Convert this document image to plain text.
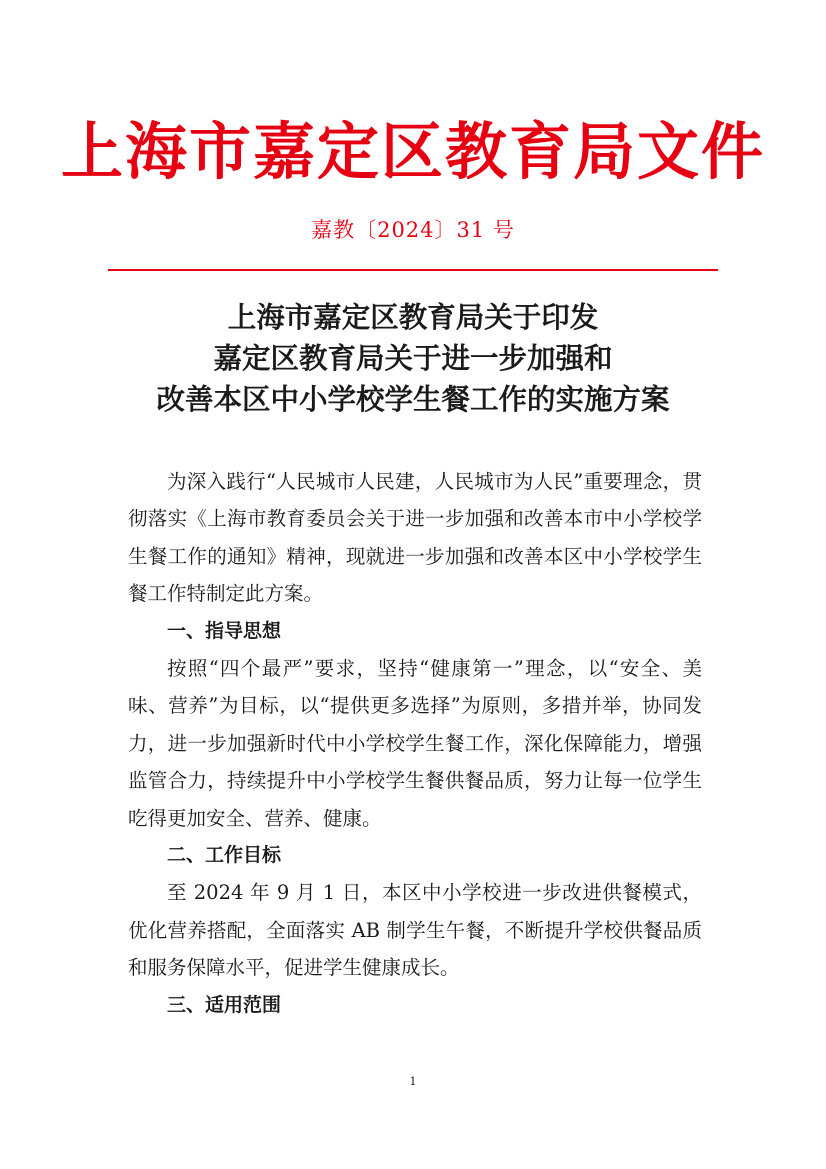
上海市嘉定区教育局文件
嘉教〔2024〕31 号
上海市嘉定区教育局关于印发
嘉定区教育局关于进一步加强和
改善本区中小学校学生餐工作的实施方案

为深入践行“人民城市人民建，人民城市为人民”重要理念，贯彻落实《上海市教育委员会关于进一步加强和改善本市中小学校学生餐工作的通知》精神，现就进一步加强和改善本区中小学校学生餐工作特制定此方案。

一、指导思想

按照“四个最严”要求，坚持“健康第一”理念，以“安全、美味、营养”为目标，以“提供更多选择”为原则，多措并举，协同发力，进一步加强新时代中小学校学生餐工作，深化保障能力，增强监管合力，持续提升中小学校学生餐供餐品质，努力让每一位学生吃得更加安全、营养、健康。

二、工作目标

至 2024 年 9 月 1 日，本区中小学校进一步改进供餐模式，优化营养搭配，全面落实 AB 制学生午餐，不断提升学校供餐品质和服务保障水平，促进学生健康成长。

三、适用范围

1
